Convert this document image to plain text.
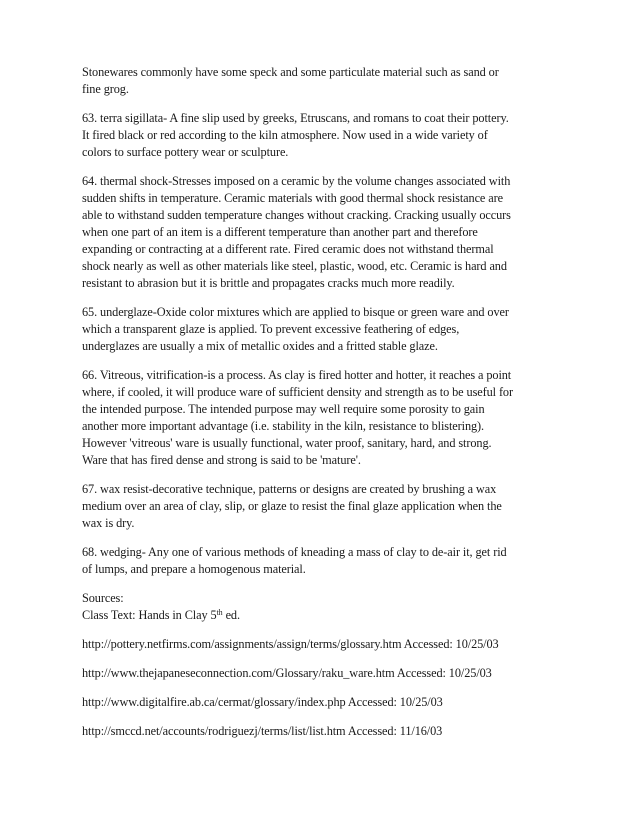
Stonewares commonly have some speck and some particulate material such as sand or
fine grog.

63. terra sigillata- A fine slip used by greeks, Etruscans, and romans to coat their pottery.
It fired black or red according to the kiln atmosphere. Now used in a wide variety of
colors to surface pottery wear or sculpture.

64. thermal shock-Stresses imposed on a ceramic by the volume changes associated with
sudden shifts in temperature. Ceramic materials with good thermal shock resistance are
able to withstand sudden temperature changes without cracking. Cracking usually occurs
when one part of an item is a different temperature than another part and therefore
expanding or contracting at a different rate. Fired ceramic does not withstand thermal
shock nearly as well as other materials like steel, plastic, wood, etc. Ceramic is hard and
resistant to abrasion but it is brittle and propagates cracks much more readily.

65. underglaze-Oxide color mixtures which are applied to bisque or green ware and over
which a transparent glaze is applied. To prevent excessive feathering of edges,
underglazes are usually a mix of metallic oxides and a fritted stable glaze.

66. Vitreous, vitrification-is a process. As clay is fired hotter and hotter, it reaches a point
where, if cooled, it will produce ware of sufficient density and strength as to be useful for
the intended purpose. The intended purpose may well require some porosity to gain
another more important advantage (i.e. stability in the kiln, resistance to blistering).
However 'vitreous' ware is usually functional, water proof, sanitary, hard, and strong.
Ware that has fired dense and strong is said to be 'mature'.

67. wax resist-decorative technique, patterns or designs are created by brushing a wax
medium over an area of clay, slip, or glaze to resist the final glaze application when the
wax is dry.

68. wedging- Any one of various methods of kneading a mass of clay to de-air it, get rid
of lumps, and prepare a homogenous material.

Sources:

Class Text: Hands in Clay 5th ed.

http://pottery.netfirms.com/assignments/assign/terms/glossary.htm Accessed: 10/25/03

http://www.thejapaneseconnection.com/Glossary/raku_ware.htm Accessed: 10/25/03

http://www.digitalfire.ab.ca/cermat/glossary/index.php Accessed: 10/25/03

http://smccd.net/accounts/rodriguezj/terms/list/list.htm Accessed: 11/16/03
